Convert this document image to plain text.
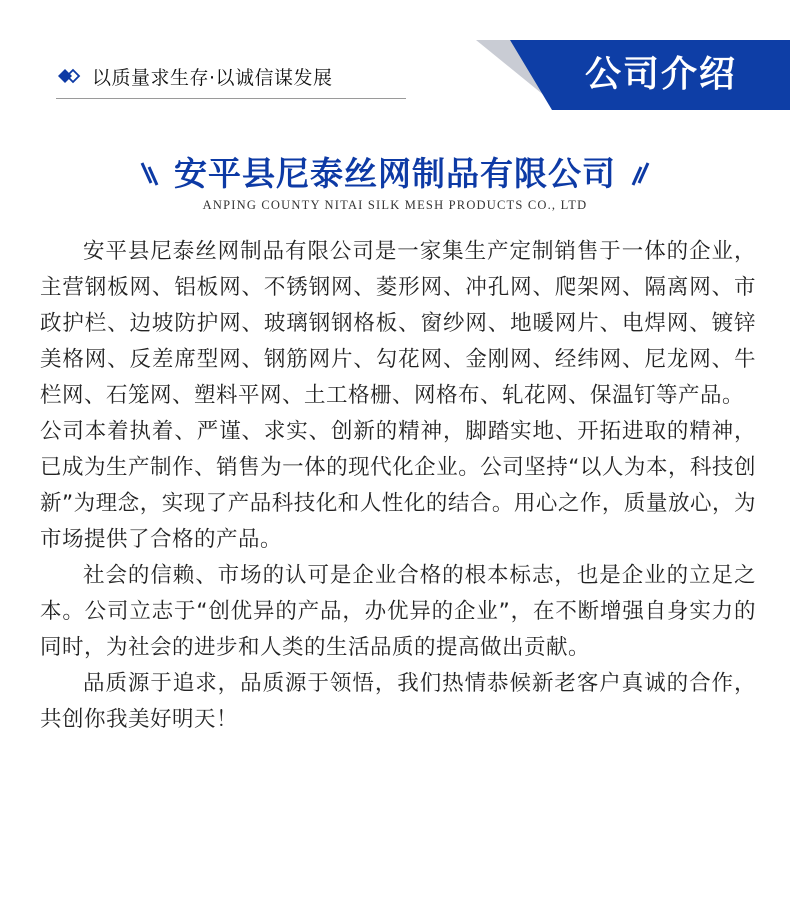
以质量求生存·以诚信谋发展	公司介绍
安平县尼泰丝网制品有限公司
ANPING COUNTY NITAI SILK MESH PRODUCTS CO., LTD

安平县尼泰丝网制品有限公司是一家集生产定制销售于一体的企业，主营钢板网、铝板网、不锈钢网、菱形网、冲孔网、爬架网、隔离网、市政护栏、边坡防护网、玻璃钢钢格板、窗纱网、地暖网片、电焊网、镀锌美格网、反差席型网、钢筋网片、勾花网、金刚网、经纬网、尼龙网、牛栏网、石笼网、塑料平网、土工格栅、网格布、轧花网、保温钉等产品。

公司本着执着、严谨、求实、创新的精神，脚踏实地、开拓进取的精神，已成为生产制作、销售为一体的现代化企业。公司坚持“以人为本，科技创新”为理念，实现了产品科技化和人性化的结合。用心之作，质量放心，为市场提供了合格的产品。

社会的信赖、市场的认可是企业合格的根本标志，也是企业的立足之本。公司立志于“创优异的产品，办优异的企业”，在不断增强自身实力的同时，为社会的进步和人类的生活品质的提高做出贡献。

品质源于追求，品质源于领悟，我们热情恭候新老客户真诚的合作，共创你我美好明天！
